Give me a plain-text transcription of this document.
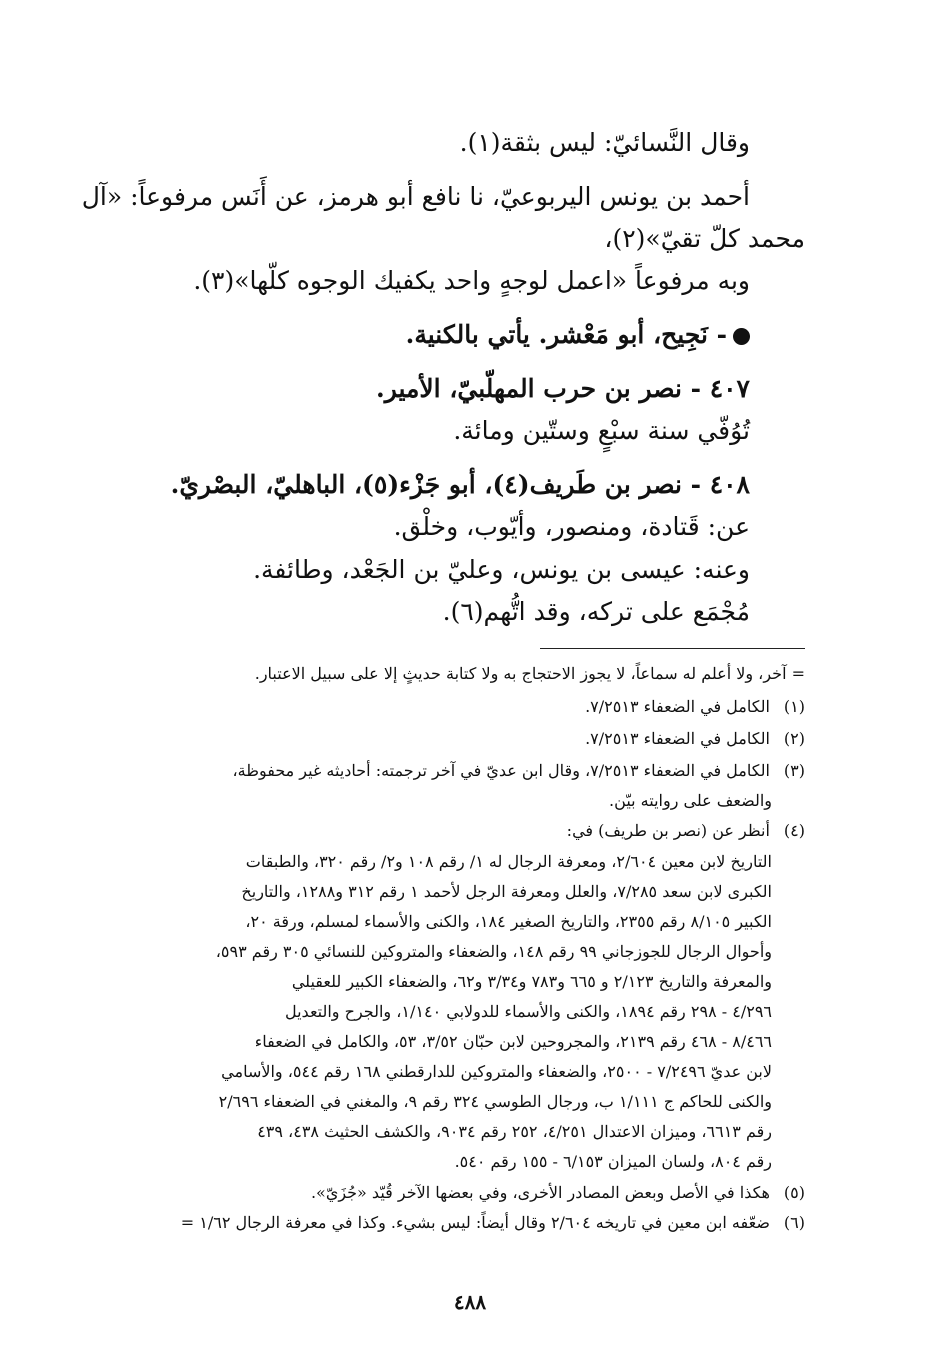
وقال النَّسائيّ: ليس بثقة(١).
أحمد بن يونس اليربوعيّ، نا نافع أبو هرمز، عن أَنَس مرفوعاً: «آل
محمد كلّ تقيّ»(٢)،
وبه مرفوعاً «اعمل لوجهٍ واحد يكفيك الوجوه كلّها»(٣).
- نَجِيح، أبو مَعْشر. يأتي بالكنية.
٤٠٧ - نصر بن حرب المهلّبيّ، الأمير.
تُوُفّي سنة سبْعٍ وستّين ومائة.
٤٠٨ - نصر بن طَريف(٤)، أبو جَزْء(٥)، الباهليّ، البصْريّ.
عن: قَتادة، ومنصور، وأيّوب، وخلْق.
وعنه: عيسى بن يونس، وعليّ بن الجَعْد، وطائفة.
مُجْمَع على تركه، وقد اتُّهم(٦).
= آخر، ولا أعلم له سماعاً، لا يجوز الاحتجاج به ولا كتابة حديثٍ إلا على سبيل الاعتبار.
(١) الكامل في الضعفاء ٧/٢٥١٣.
(٢) الكامل في الضعفاء ٧/٢٥١٣.
(٣) الكامل في الضعفاء ٧/٢٥١٣، وقال ابن عديّ في آخر ترجمته: أحاديثه غير محفوظة،
والضعف على روايته بيّن.
(٤) أنظر عن (نصر بن طريف) في:
التاريخ لابن معين ٢/٦٠٤، ومعرفة الرجال له ١/ رقم ١٠٨ و٢/ رقم ٣٢٠، والطبقات
الكبرى لابن سعد ٧/٢٨٥، والعلل ومعرفة الرجل لأحمد ١ رقم ٣١٢ و١٢٨٨، والتاريخ
الكبير ٨/١٠٥ رقم ٢٣٥٥، والتاريخ الصغير ١٨٤، والكنى والأسماء لمسلم، ورقة ٢٠،
وأحوال الرجال للجوزجاني ٩٩ رقم ١٤٨، والضعفاء والمتروكين للنسائي ٣٠٥ رقم ٥٩٣،
والمعرفة والتاريخ ٢/١٢٣ و ٦٦٥ و٧٨٣ و٣/٣٤ و٦٢، والضعفاء الكبير للعقيلي
٤/٢٩٦ - ٢٩٨ رقم ١٨٩٤، والكنى والأسماء للدولابي ١/١٤٠، والجرح والتعديل
٨/٤٦٦ - ٤٦٨ رقم ٢١٣٩، والمجروحين لابن حبّان ٣/٥٢، ٥٣، والكامل في الضعفاء
لابن عديّ ٧/٢٤٩٦ - ٢٥٠٠، والضعفاء والمتروكين للدارقطني ١٦٨ رقم ٥٤٤، والأسامي
والكنى للحاكم ج ١/١١١ ب، ورجال الطوسي ٣٢٤ رقم ٩، والمغني في الضعفاء ٢/٦٩٦
رقم ٦٦١٣، وميزان الاعتدال ٤/٢٥١، ٢٥٢ رقم ٩٠٣٤، والكشف الحثيث ٤٣٨، ٤٣٩
رقم ٨٠٤، ولسان الميزان ٦/١٥٣ - ١٥٥ رقم ٥٤٠.
(٥) هكذا في الأصل وبعض المصادر الأخرى، وفي بعضها الآخر قُيّد «جُزَيّ».
(٦) ضعّفه ابن معين في تاريخه ٢/٦٠٤ وقال أيضاً: ليس بشيء. وكذا في معرفة الرجال ١/٦٢ =
٤٨٨
